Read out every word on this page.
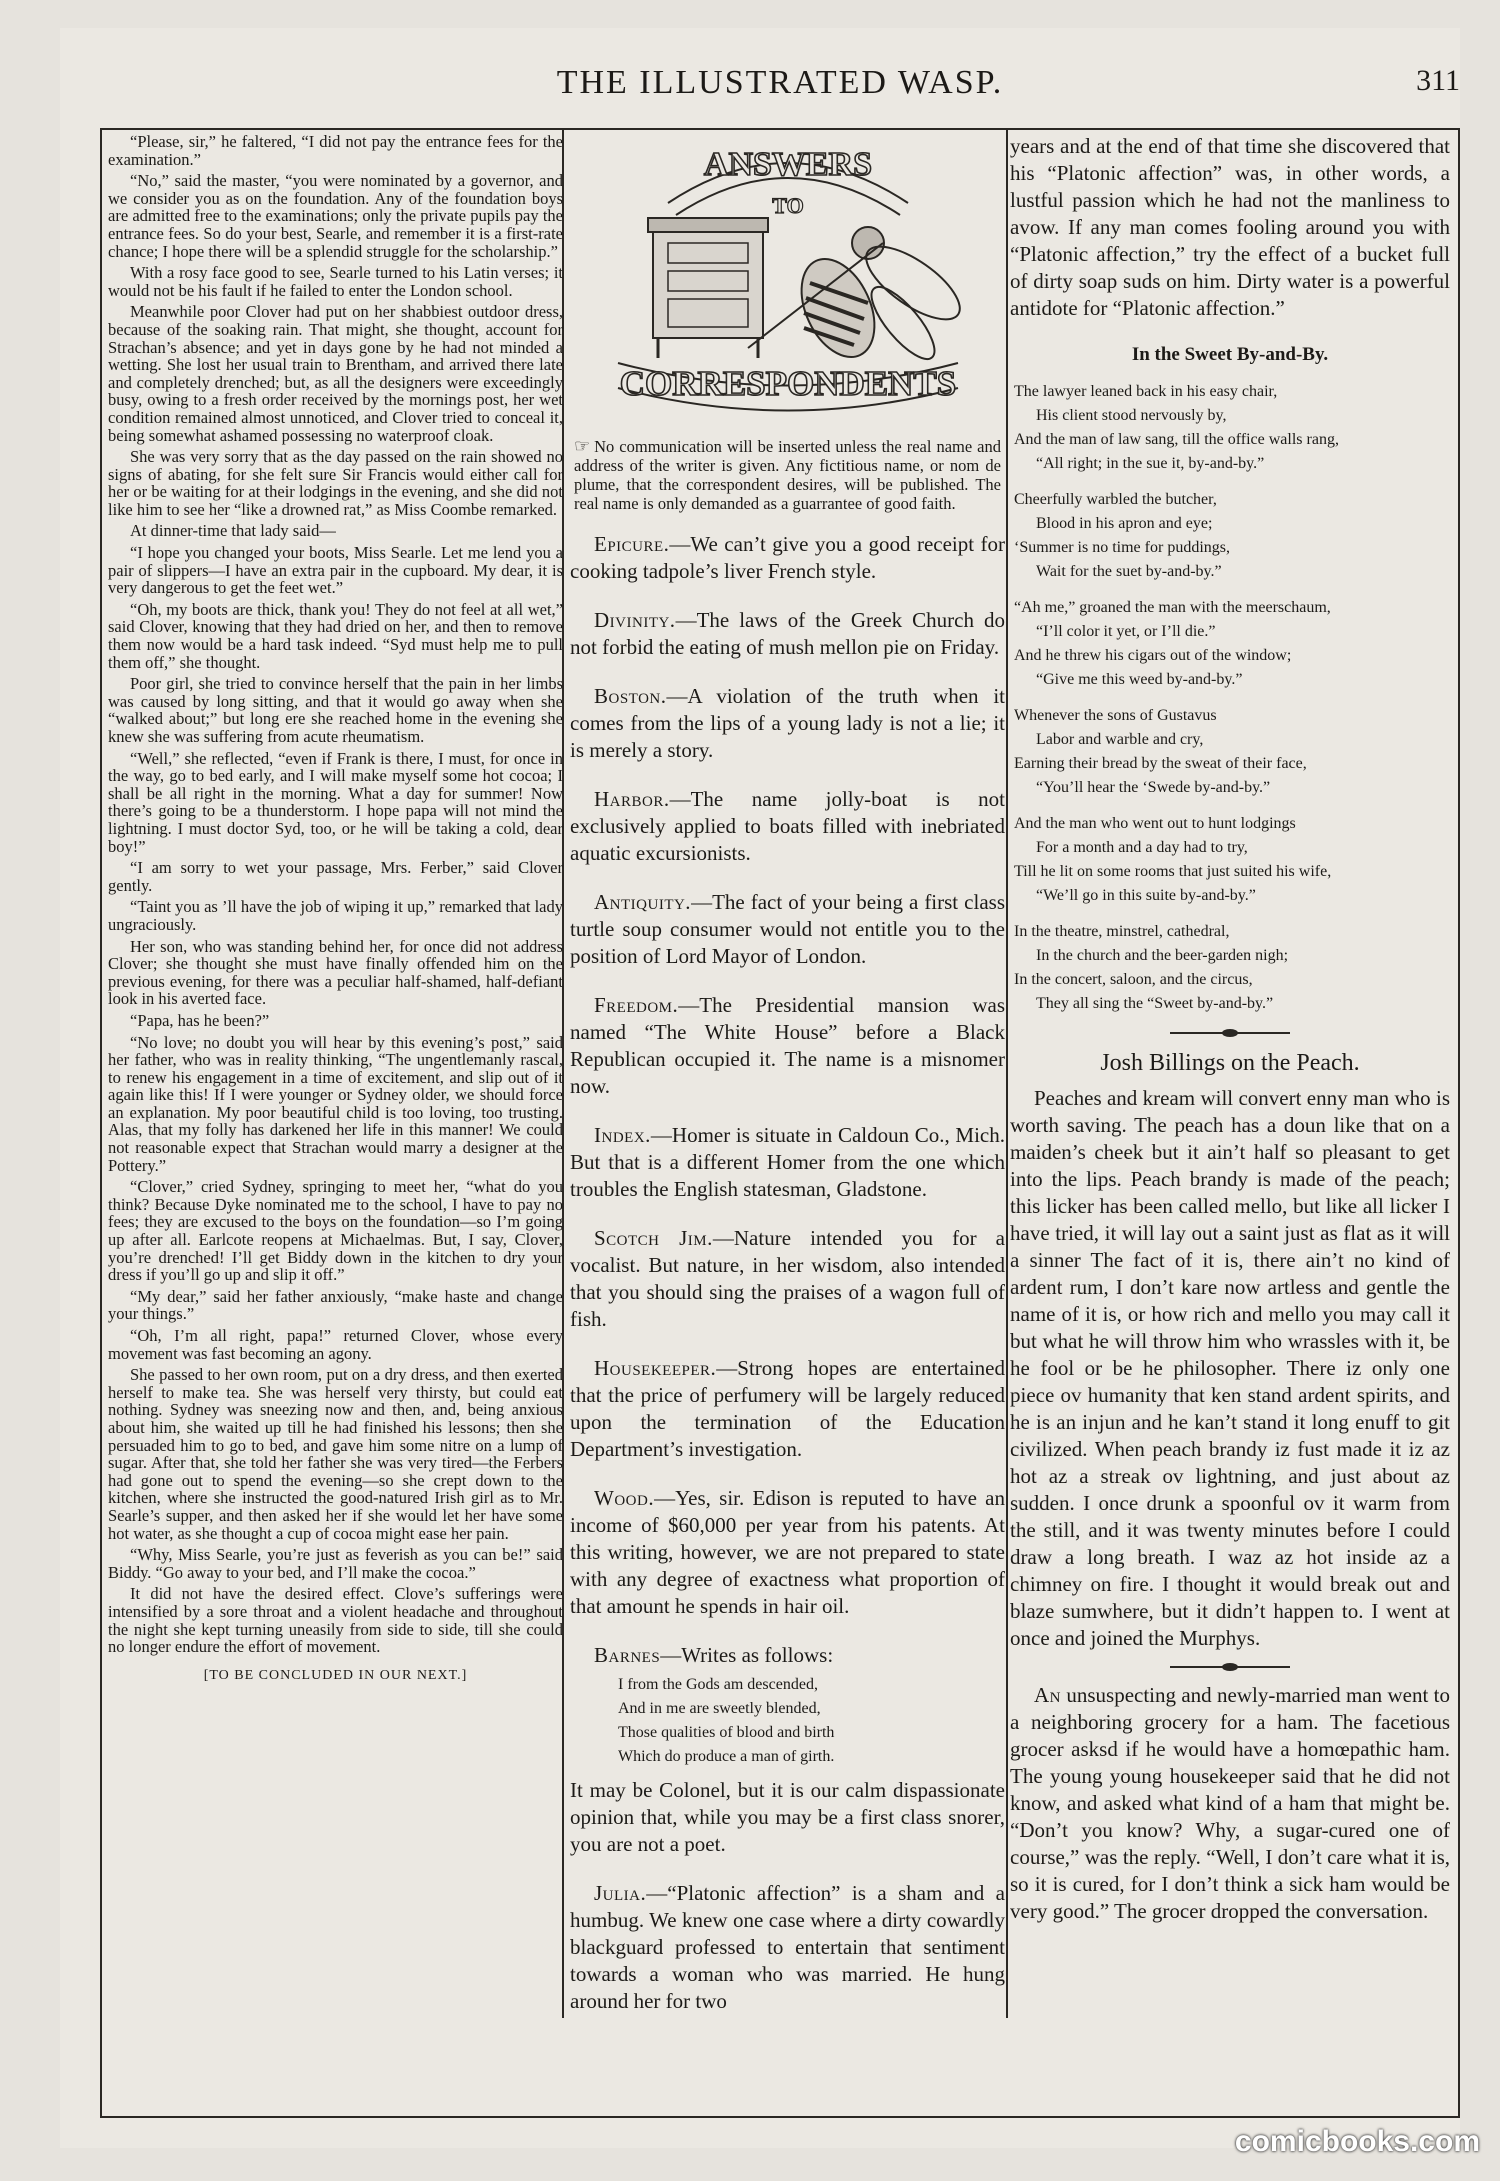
THE ILLUSTRATED WASP.	311

“Please, sir,” he faltered, “I did not pay the entrance fees for the examination.”

“No,” said the master, “you were nominated by a governor, and we consider you as on the foundation. Any of the foundation boys are admitted free to the examinations; only the private pupils pay the entrance fees. So do your best, Searle, and remember it is a first-rate chance; I hope there will be a splendid struggle for the scholarship.”

With a rosy face good to see, Searle turned to his Latin verses; it would not be his fault if he failed to enter the London school.

Meanwhile poor Clover had put on her shabbiest outdoor dress, because of the soaking rain. That might, she thought, account for Strachan’s absence; and yet in days gone by he had not minded a wetting. She lost her usual train to Brentham, and arrived there late and completely drenched; but, as all the designers were exceedingly busy, owing to a fresh order received by the mornings post, her wet condition remained almost unnoticed, and Clover tried to conceal it, being somewhat ashamed possessing no waterproof cloak.

She was very sorry that as the day passed on the rain showed no signs of abating, for she felt sure Sir Francis would either call for her or be waiting for at their lodgings in the evening, and she did not like him to see her “like a drowned rat,” as Miss Coombe remarked.

At dinner-time that lady said—

“I hope you changed your boots, Miss Searle. Let me lend you a pair of slippers—I have an extra pair in the cupboard. My dear, it is very dangerous to get the feet wet.”

“Oh, my boots are thick, thank you! They do not feel at all wet,” said Clover, knowing that they had dried on her, and then to remove them now would be a hard task indeed. “Syd must help me to pull them off,” she thought.

Poor girl, she tried to convince herself that the pain in her limbs was caused by long sitting, and that it would go away when she “walked about;” but long ere she reached home in the evening she knew she was suffering from acute rheumatism.

“Well,” she reflected, “even if Frank is there, I must, for once in the way, go to bed early, and I will make myself some hot cocoa; I shall be all right in the morning. What a day for summer! Now there’s going to be a thunderstorm. I hope papa will not mind the lightning. I must doctor Syd, too, or he will be taking a cold, dear boy!”

“I am sorry to wet your passage, Mrs. Ferber,” said Clover gently.

“Taint you as ’ll have the job of wiping it up,” remarked that lady ungraciously.

Her son, who was standing behind her, for once did not address Clover; she thought she must have finally offended him on the previous evening, for there was a peculiar half-shamed, half-defiant look in his averted face.

“Papa, has he been?”

“No love; no doubt you will hear by this evening’s post,” said her father, who was in reality thinking, “The ungentlemanly rascal, to renew his engagement in a time of excitement, and slip out of it again like this! If I were younger or Sydney older, we should force an explanation. My poor beautiful child is too loving, too trusting. Alas, that my folly has darkened her life in this manner! We could not reasonable expect that Strachan would marry a designer at the Pottery.”

“Clover,” cried Sydney, springing to meet her, “what do you think? Because Dyke nominated me to the school, I have to pay no fees; they are excused to the boys on the foundation—so I’m going up after all. Earlcote reopens at Michaelmas. But, I say, Clover, you’re drenched! I’ll get Biddy down in the kitchen to dry your dress if you’ll go up and slip it off.”

“My dear,” said her father anxiously, “make haste and change your things.”

“Oh, I’m all right, papa!” returned Clover, whose every movement was fast becoming an agony.

She passed to her own room, put on a dry dress, and then exerted herself to make tea. She was herself very thirsty, but could eat nothing. Sydney was sneezing now and then, and, being anxious about him, she waited up till he had finished his lessons; then she persuaded him to go to bed, and gave him some nitre on a lump of sugar. After that, she told her father she was very tired—the Ferbers had gone out to spend the evening—so she crept down to the kitchen, where she instructed the good-natured Irish girl as to Mr. Searle’s supper, and then asked her if she would let her have some hot water, as she thought a cup of cocoa might ease her pain.

“Why, Miss Searle, you’re just as feverish as you can be!” said Biddy. “Go away to your bed, and I’ll make the cocoa.”

It did not have the desired effect. Clove’s sufferings were intensified by a sore throat and a violent headache and throughout the night she kept turning uneasily from side to side, till she could no longer endure the effort of movement.

[TO BE CONCLUDED IN OUR NEXT.]
ANSWERS
TO
CORRESPONDENTS
☞ No communication will be inserted unless the real name and address of the writer is given. Any fictitious name, or nom de plume, that the correspondent desires, will be published. The real name is only demanded as a guarrantee of good faith.

Epicure.—We can’t give you a good receipt for cooking tadpole’s liver French style.

Divinity.—The laws of the Greek Church do not forbid the eating of mush mellon pie on Friday.

Boston.—A violation of the truth when it comes from the lips of a young lady is not a lie; it is merely a story.

Harbor.—The name jolly-boat is not exclusively applied to boats filled with inebriated aquatic excursionists.

Antiquity.—The fact of your being a first class turtle soup consumer would not entitle you to the position of Lord Mayor of London.

Freedom.—The Presidential mansion was named “The White House” before a Black Republican occupied it. The name is a misnomer now.

Index.—Homer is situate in Caldoun Co., Mich. But that is a different Homer from the one which troubles the English statesman, Gladstone.

Scotch Jim.—Nature intended you for a vocalist. But nature, in her wisdom, also intended that you should sing the praises of a wagon full of fish.

Housekeeper.—Strong hopes are entertained that the price of perfumery will be largely reduced upon the termination of the Education Department’s investigation.

Wood.—Yes, sir. Edison is reputed to have an income of $60,000 per year from his patents. At this writing, however, we are not prepared to state with any degree of exactness what proportion of that amount he spends in hair oil.

Barnes—Writes as follows:

I from the Gods am descended,
And in me are sweetly blended,
Those qualities of blood and birth
Which do produce a man of girth.

It may be Colonel, but it is our calm dispassionate opinion that, while you may be a first class snorer, you are not a poet.

Julia.—“Platonic affection” is a sham and a humbug. We knew one case where a dirty cowardly blackguard professed to entertain that sentiment towards a woman who was married. He hung around her for two

years and at the end of that time she discovered that his “Platonic affection” was, in other words, a lustful passion which he had not the manliness to avow. If any man comes fooling around you with “Platonic affection,” try the effect of a bucket full of dirty soap suds on him. Dirty water is a powerful antidote for “Platonic affection.”

In the Sweet By-and-By.
The lawyer leaned back in his easy chair,
His client stood nervously by,
And the man of law sang, till the office walls rang,
“All right; in the sue it, by-and-by.”
Cheerfully warbled the butcher,
Blood in his apron and eye;
‘Summer is no time for puddings,
Wait for the suet by-and-by.”
“Ah me,” groaned the man with the meerschaum,
“I’ll color it yet, or I’ll die.”
And he threw his cigars out of the window;
“Give me this weed by-and-by.”
Whenever the sons of Gustavus
Labor and warble and cry,
Earning their bread by the sweat of their face,
“You’ll hear the ‘Swede by-and-by.”
And the man who went out to hunt lodgings
For a month and a day had to try,
Till he lit on some rooms that just suited his wife,
“We’ll go in this suite by-and-by.”
In the theatre, minstrel, cathedral,
In the church and the beer-garden nigh;
In the concert, saloon, and the circus,
They all sing the “Sweet by-and-by.”
Josh Billings on the Peach.

Peaches and kream will convert enny man who is worth saving. The peach has a doun like that on a maiden’s cheek but it ain’t half so pleasant to get into the lips. Peach brandy is made of the peach; this licker has been called mello, but like all licker I have tried, it will lay out a saint just as flat as it will a sinner The fact of it is, there ain’t no kind of ardent rum, I don’t kare now artless and gentle the name of it is, or how rich and mello you may call it but what he will throw him who wrassles with it, be he fool or be he philosopher. There iz only one piece ov humanity that ken stand ardent spirits, and he is an injun and he kan’t stand it long enuff to git civilized. When peach brandy iz fust made it iz az hot az a streak ov lightning, and just about az sudden. I once drunk a spoonful ov it warm from the still, and it was twenty minutes before I could draw a long breath. I waz az hot inside az a chimney on fire. I thought it would break out and blaze sumwhere, but it didn’t happen to. I went at once and joined the Murphys.

An unsuspecting and newly-married man went to a neighboring grocery for a ham. The facetious grocer asksd if he would have a homœpathic ham. The young young housekeeper said that he did not know, and asked what kind of a ham that might be. “Don’t you know? Why, a sugar-cured one of course,” was the reply. “Well, I don’t care what it is, so it is cured, for I don’t think a sick ham would be very good.” The grocer dropped the conversation.

comicbooks.com
